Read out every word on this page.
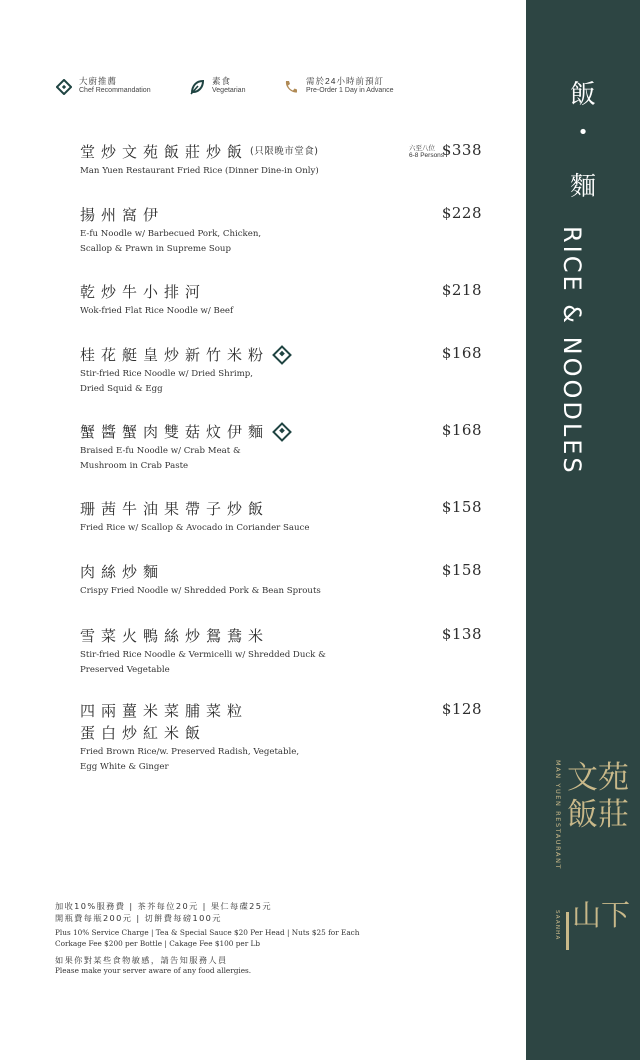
大廚推薦
Chef Recommandation
素食
Vegetarian
需於24小時前預訂
Pre-Order 1 Day in Advance
堂炒文苑飯莊炒飯 (只限晚市堂食)
Man Yuen Restaurant Fried Rice (Dinner Dine-in Only)
$338
六至八位
6-8 Persons
揚州窩伊
E-fu Noodle w/ Barbecued Pork, Chicken,
Scallop & Prawn in Supreme Soup
$228
乾炒牛小排河
Wok-fried Flat Rice Noodle w/ Beef
$218
桂花艇皇炒新竹米粉
Stir-fried Rice Noodle w/ Dried Shrimp,
Dried Squid & Egg
$168
蟹醬蟹肉雙菇炆伊麵
Braised E-fu Noodle w/ Crab Meat &
Mushroom in Crab Paste
$168
珊茜牛油果帶子炒飯
Fried Rice w/ Scallop & Avocado in Coriander Sauce
$158
肉絲炒麵
Crispy Fried Noodle w/ Shredded Pork & Bean Sprouts
$158
雪菜火鴨絲炒鴛鴦米
Stir-fried Rice Noodle & Vermicelli w/ Shredded Duck &
Preserved Vegetable
$138
四兩薑米菜脯菜粒
蛋白炒紅米飯
Fried Brown Rice/w. Preserved Radish, Vegetable,
Egg White & Ginger
$128
加收10%服務費 | 茶芥每位20元 | 果仁每碟25元
開瓶費每瓶200元 | 切餅費每磅100元
Plus 10% Service Charge | Tea & Special Sauce $20 Per Head | Nuts $25 for Each
Corkage Fee $200 per Bottle | Cakage Fee $100 per Lb
如果你對某些食物敏感，請告知服務人員
Please make your server aware of any food allergies.
飯
•
麵
RICE & NOODLES
MAN YUEN RESTAURANT 文苑飯莊
山下
SAANHA
